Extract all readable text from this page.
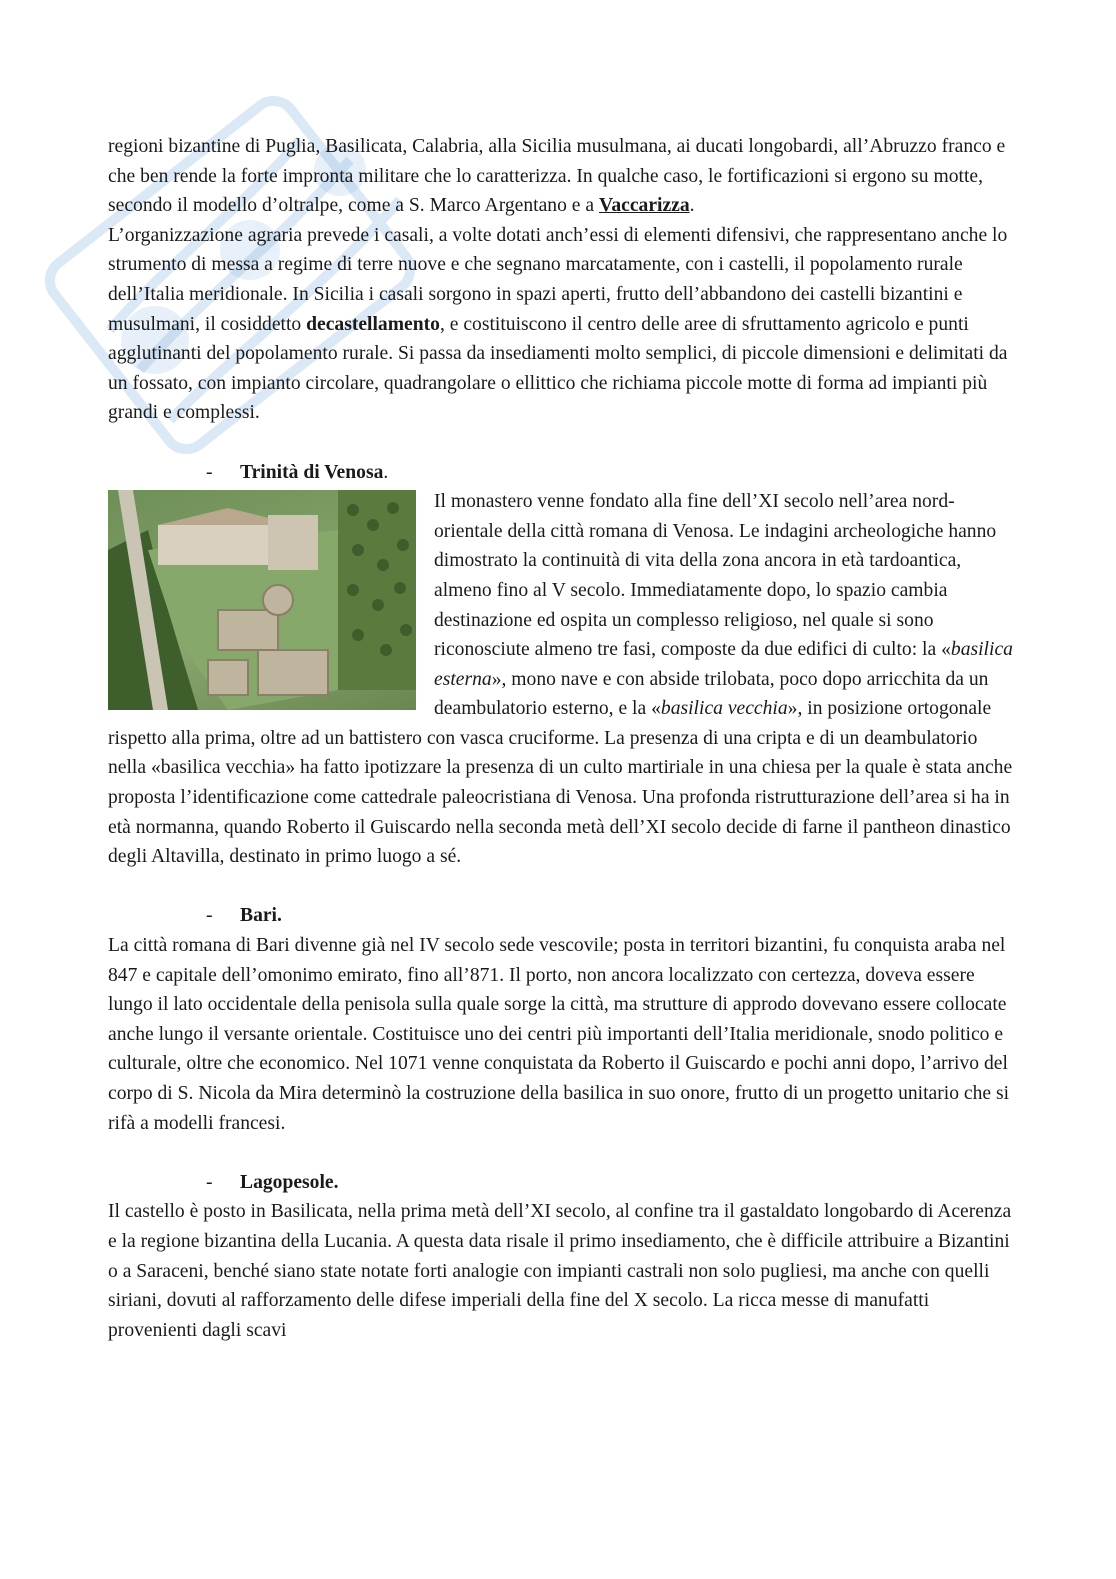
regioni bizantine di Puglia, Basilicata, Calabria, alla Sicilia musulmana, ai ducati longobardi, all’Abruzzo franco e che ben rende la forte impronta militare che lo caratterizza. In qualche caso, le fortificazioni si ergono su motte, secondo il modello d’oltralpe, come a S. Marco Argentano e a Vaccarizza.

L’organizzazione agraria prevede i casali, a volte dotati anch’essi di elementi difensivi, che rappresentano anche lo strumento di messa a regime di terre nuove e che segnano marcatamente, con i castelli, il popolamento rurale dell’Italia meridionale. In Sicilia i casali sorgono in spazi aperti, frutto dell’abbandono dei castelli bizantini e musulmani, il cosiddetto decastellamento, e costituiscono il centro delle aree di sfruttamento agricolo e punti agglutinanti del popolamento rurale. Si passa da insediamenti molto semplici, di piccole dimensioni e delimitati da un fossato, con impianto circolare, quadrangolare o ellittico che richiama piccole motte di forma ad impianti più grandi e complessi.

- Trinità di Venosa.

Il monastero venne fondato alla fine dell’XI secolo nell’area nord-orientale della città romana di Venosa. Le indagini archeologiche hanno dimostrato la continuità di vita della zona ancora in età tardoantica, almeno fino al V secolo. Immediatamente dopo, lo spazio cambia destinazione ed ospita un complesso religioso, nel quale si sono riconosciute almeno tre fasi, composte da due edifici di culto: la «basilica esterna», mono nave e con abside trilobata, poco dopo arricchita da un deambulatorio esterno, e la «basilica vecchia», in posizione ortogonale rispetto alla prima, oltre ad un battistero con vasca cruciforme. La presenza di una cripta e di un deambulatorio nella «basilica vecchia» ha fatto ipotizzare la presenza di un culto martiriale in una chiesa per la quale è stata anche proposta l’identificazione come cattedrale paleocristiana di Venosa. Una profonda ristrutturazione dell’area si ha in età normanna, quando Roberto il Guiscardo nella seconda metà dell’XI secolo decide di farne il pantheon dinastico degli Altavilla, destinato in primo luogo a sé.

- Bari.

La città romana di Bari divenne già nel IV secolo sede vescovile; posta in territori bizantini, fu conquista araba nel 847 e capitale dell’omonimo emirato, fino all’871. Il porto, non ancora localizzato con certezza, doveva essere lungo il lato occidentale della penisola sulla quale sorge la città, ma strutture di approdo dovevano essere collocate anche lungo il versante orientale. Costituisce uno dei centri più importanti dell’Italia meridionale, snodo politico e culturale, oltre che economico. Nel 1071 venne conquistata da Roberto il Guiscardo e pochi anni dopo, l’arrivo del corpo di S. Nicola da Mira determinò la costruzione della basilica in suo onore, frutto di un progetto unitario che si rifà a modelli francesi.

- Lagopesole.

Il castello è posto in Basilicata, nella prima metà dell’XI secolo, al confine tra il gastaldato longobardo di Acerenza e la regione bizantina della Lucania. A questa data risale il primo insediamento, che è difficile attribuire a Bizantini o a Saraceni, benché siano state notate forti analogie con impianti castrali non solo pugliesi, ma anche con quelli siriani, dovuti al rafforzamento delle difese imperiali della fine del X secolo. La ricca messe di manufatti provenienti dagli scavi
